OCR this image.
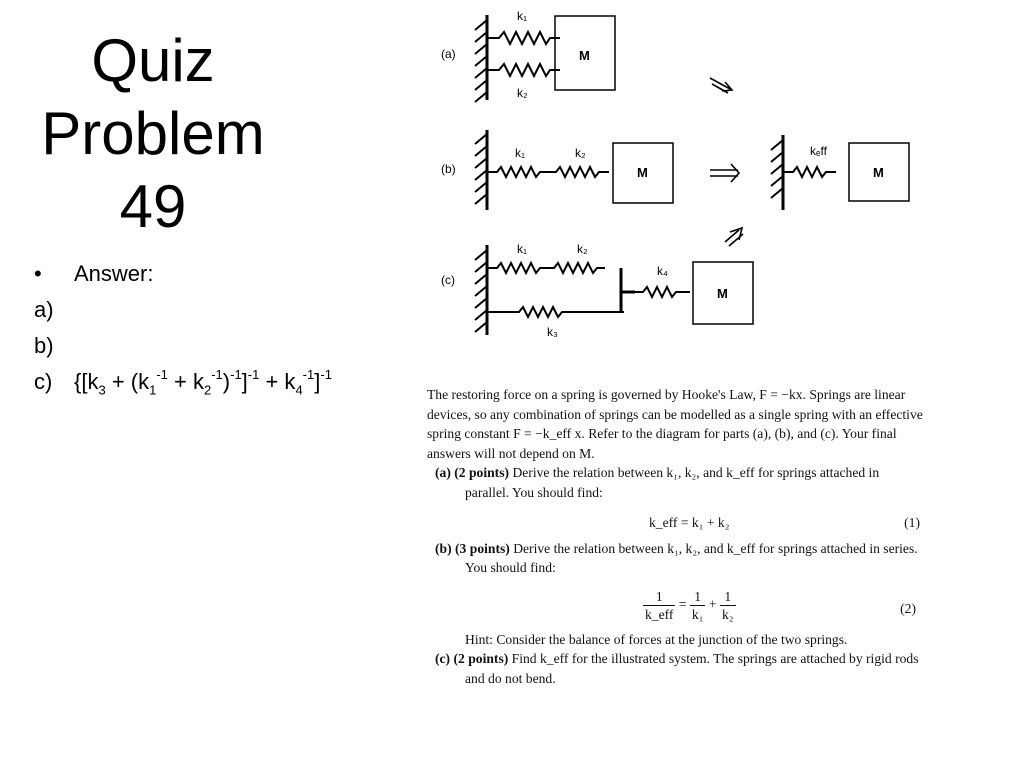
Quiz
Problem
49
•	Answer:
a)
b)
c) $\{[k_3 + (k_1^{-1} + k_2^{-1})^{-1}]^{-1} + k_4^{-1}]^{-1}$
(a)
(b)
(c)
k₁
k₂
k₁	k₂	kₑff
k₁	k₂
k₄
k₃
M
M	M
M

The restoring force on a spring is governed by Hooke's Law, F = −kx. Springs are linear devices, so any combination of springs can be modelled as a single spring with an effective spring constant F = −k_eff x. Refer to the diagram for parts (a), (b), and (c). Your final answers will not depend on M.

(a) (2 points) Derive the relation between k₁, k₂, and k_eff for springs attached in parallel. You should find:

k_eff = k₁ + k₂	(1)

(b) (3 points) Derive the relation between k₁, k₂, and k_eff for springs attached in series. You should find:

$\frac{1}{\text{k\_eff}} = \frac{1}{\text{k₁}} + \frac{1}{\text{k₂}}$	(2)

Hint: Consider the balance of forces at the junction of the two springs.

(c) (2 points) Find k_eff for the illustrated system. The springs are attached by rigid rods and do not bend.
